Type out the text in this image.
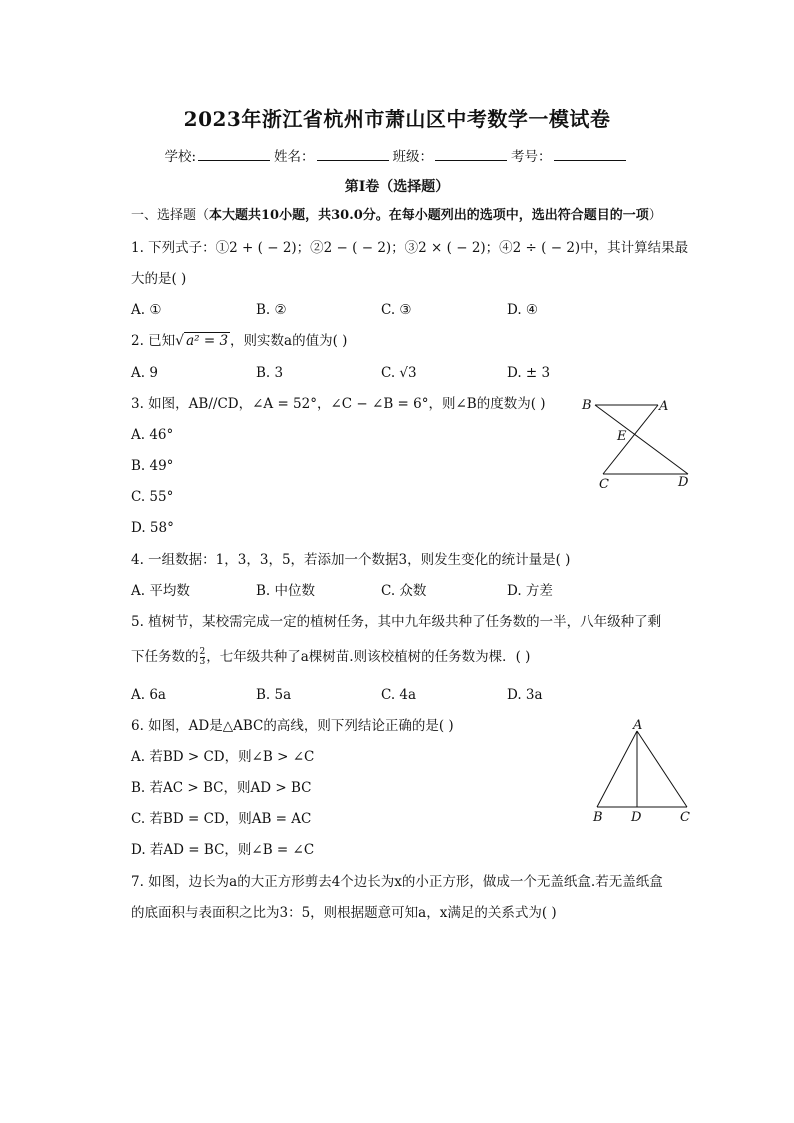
2023年浙江省杭州市萧山区中考数学一模试卷
学校:	姓名：	班级：	考号：
第I卷（选择题）
一、选择题（本大题共10小题，共30.0分。在每小题列出的选项中，选出符合题目的一项）
1. 下列式子：①2 + ( − 2)；②2 − ( − 2)；③2 × ( − 2)；④2 ÷ ( − 2)中，其计算结果最
大的是( )
A. ①	B. ②	C. ③	D. ④
2. 已知√ a² = 3 ，则实数a的值为( )
A. 9	B. 3	C. √3	D. ± 3
3. 如图，AB//CD，∠A = 52°，∠C − ∠B = 6°，则∠B的度数为( )
A. 46°
B. 49°
C. 55°
D. 58°
B	A
E
C	D
4. 一组数据：1，3，3，5，若添加一个数据3，则发生变化的统计量是( )
A. 平均数	B. 中位数	C. 众数	D. 方差
5. 植树节，某校需完成一定的植树任务，其中九年级共种了任务数的一半，八年级种了剩
下任务数的 $\frac{2}{3}$ ，七年级共种了a棵树苗.则该校植树的任务数为棵．( )
A. 6a	B. 5a	C. 4a	D. 3a
6. 如图，AD是△ABC的高线，则下列结论正确的是( )
A. 若BD > CD，则∠B > ∠C
B. 若AC > BC，则AD > BC
C. 若BD = CD，则AB = AC
D. 若AD = BC，则∠B = ∠C
A
B D	C
7. 如图，边长为a的大正方形剪去4个边长为x的小正方形，做成一个无盖纸盒.若无盖纸盒
的底面积与表面积之比为3：5，则根据题意可知a，x满足的关系式为( )
